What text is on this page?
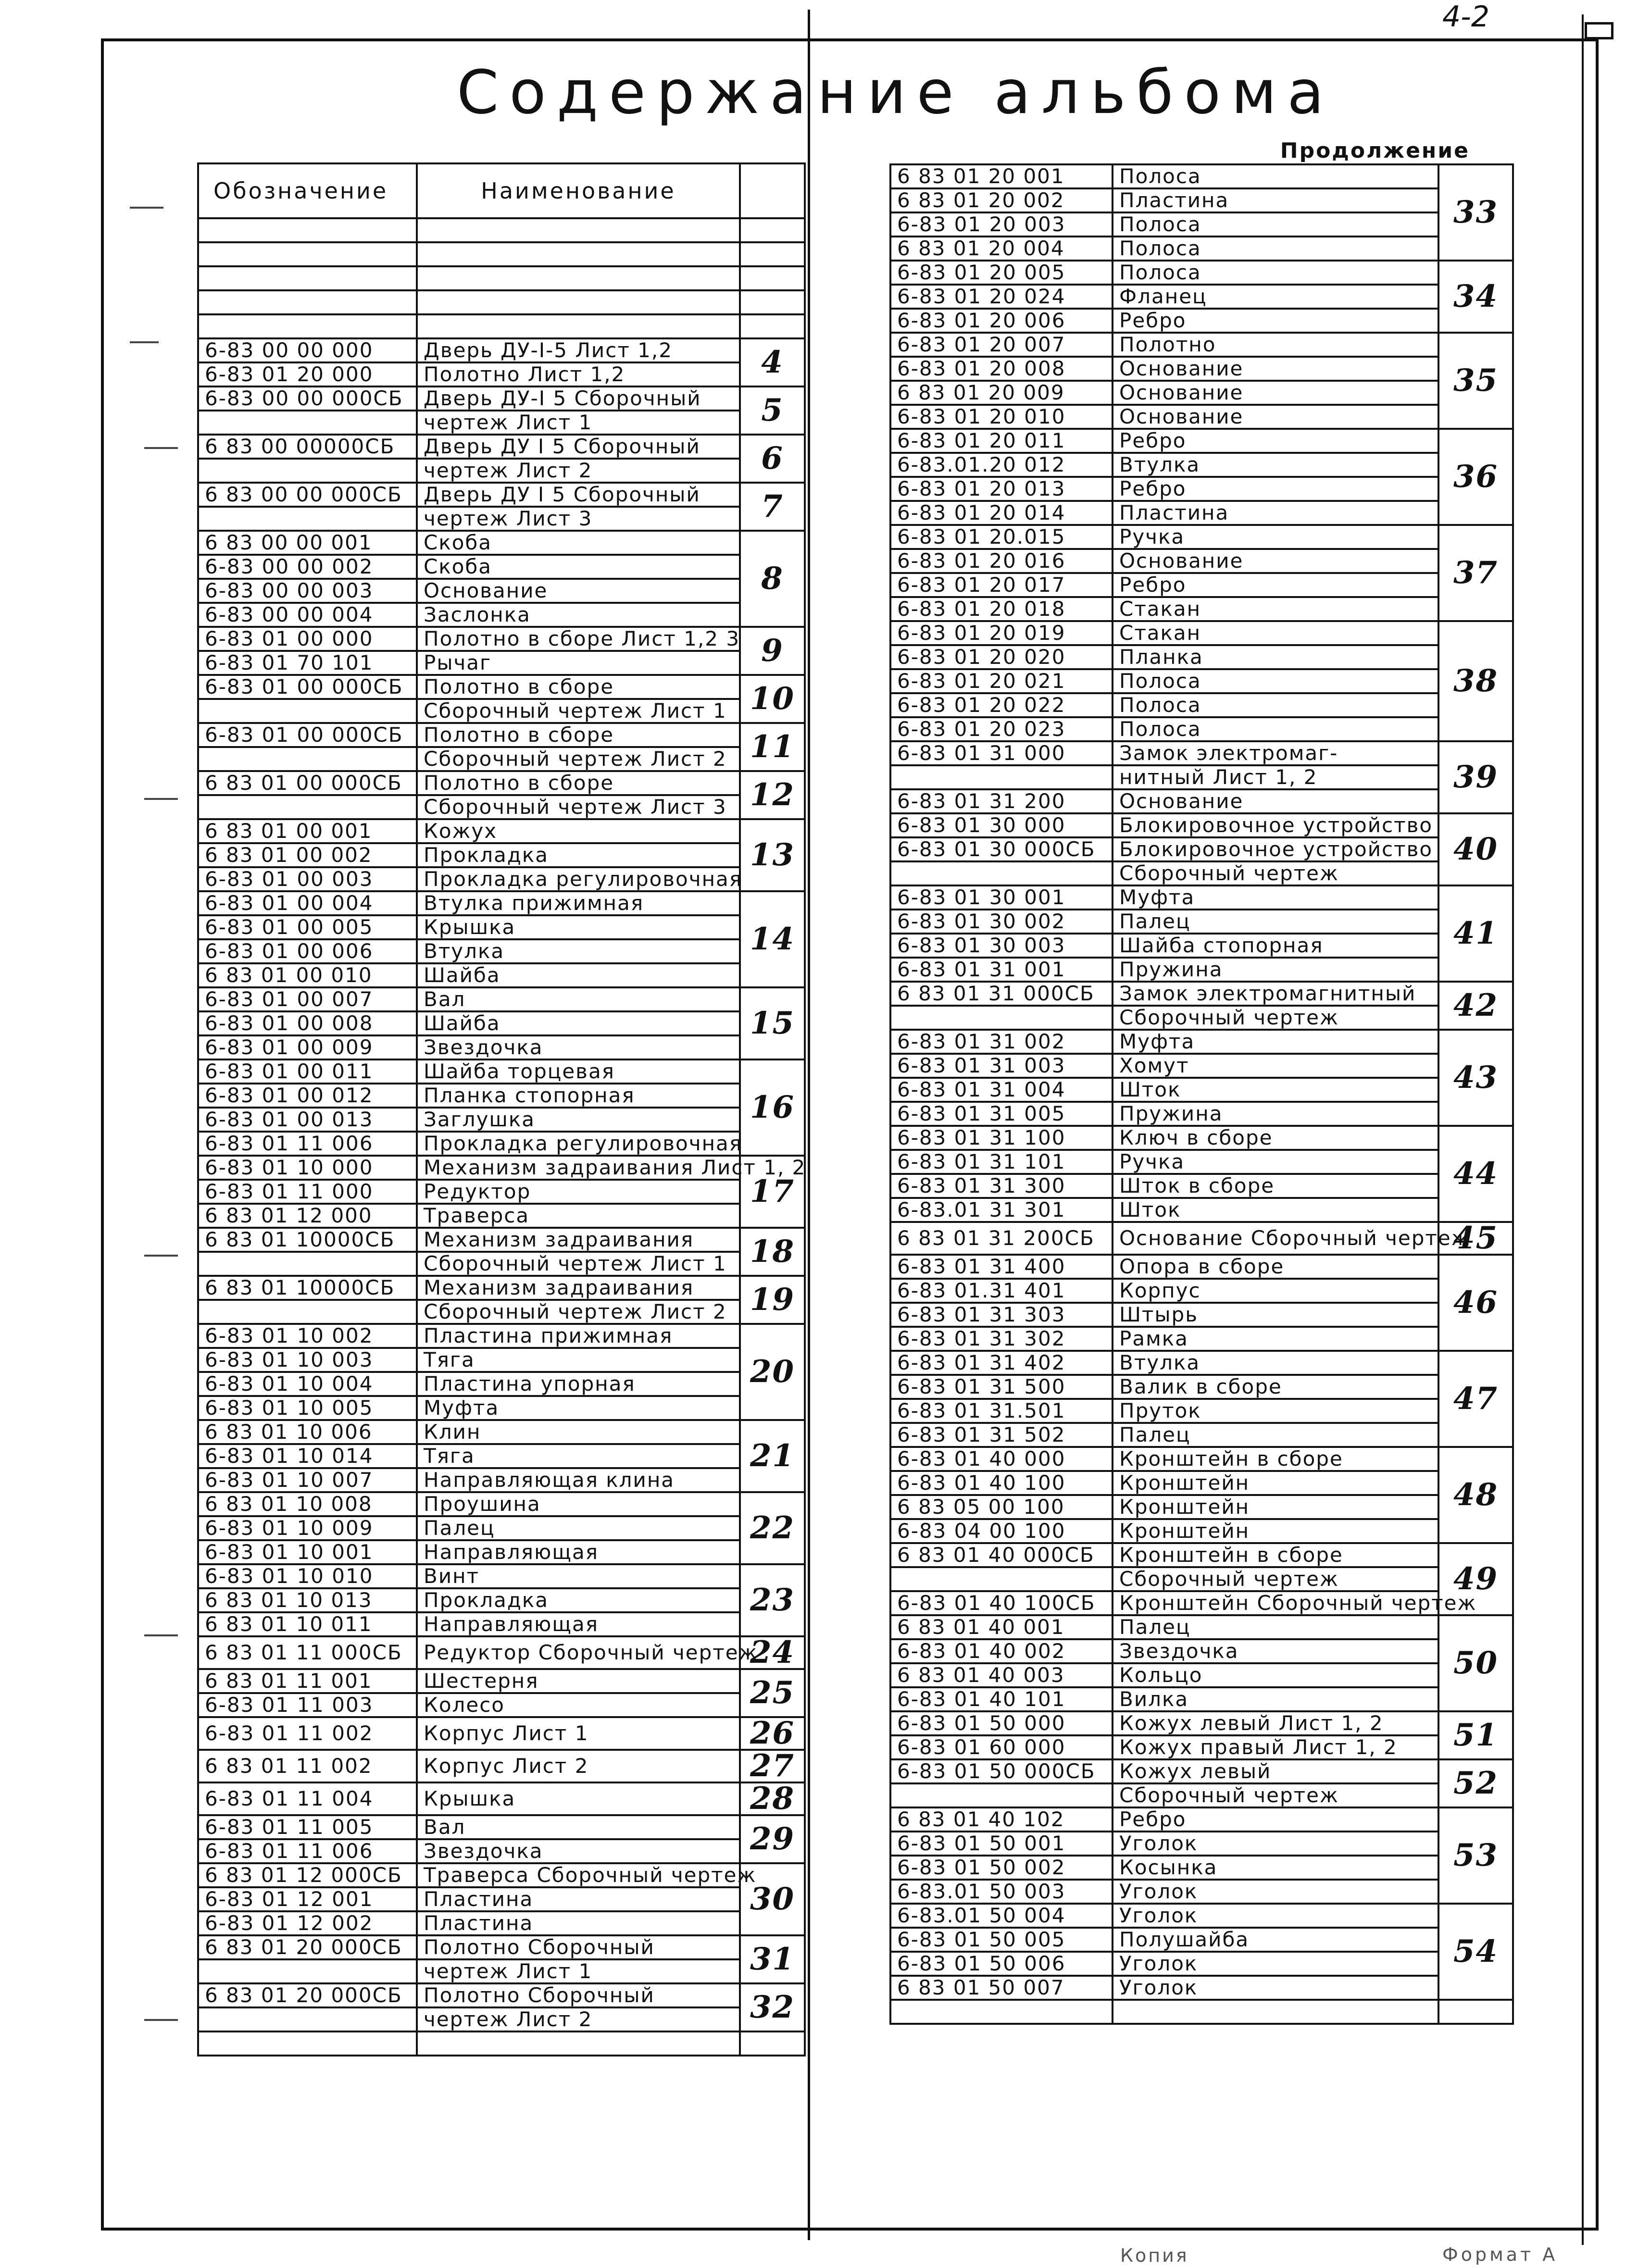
4-2
Содержание альбома
Продолжение
Обозначение	Наименование	

6-83 00 00 000	Дверь ДУ-I-5 Лист 1,2	4
6-83 01 20 000	Полотно Лист 1,2	
6-83 00 00 000СБ	Дверь ДУ-I 5 Сборочный	5
	чертеж Лист 1	
6 83 00 00000СБ	Дверь ДУ I 5 Сборочный	6
	чертеж Лист 2	
6 83 00 00 000СБ	Дверь ДУ I 5 Сборочный	7
	чертеж Лист 3	
6 83 00 00 001	Скоба	8
6-83 00 00 002	Скоба	
6-83 00 00 003	Основание	
6-83 00 00 004	Заслонка	
6-83 01 00 000	Полотно в сборе Лист 1,2 3	9
6-83 01 70 101	Рычаг	
6-83 01 00 000СБ	Полотно в сборе	10
	Сборочный чертеж Лист 1	
6-83 01 00 000СБ	Полотно в сборе	11
	Сборочный чертеж Лист 2	
6 83 01 00 000СБ	Полотно в сборе	12
	Сборочный чертеж Лист 3	
6 83 01 00 001	Кожух	13
6 83 01 00 002	Прокладка	
6-83 01 00 003	Прокладка регулировочная	
6-83 01 00 004	Втулка прижимная	14
6-83 01 00 005	Крышка	
6-83 01 00 006	Втулка	
6 83 01 00 010	Шайба	
6-83 01 00 007	Вал	15
6-83 01 00 008	Шайба	
6-83 01 00 009	Звездочка	
6-83 01 00 011	Шайба торцевая	16
6-83 01 00 012	Планка стопорная	
6-83 01 00 013	Заглушка	
6-83 01 11 006	Прокладка регулировочная	
6-83 01 10 000	Механизм задраивания Лист 1, 2	17
6-83 01 11 000	Редуктор	
6 83 01 12 000	Траверса	
6 83 01 10000СБ	Механизм задраивания	18
	Сборочный чертеж Лист 1	
6 83 01 10000СБ	Механизм задраивания	19
	Сборочный чертеж Лист 2	
6-83 01 10 002	Пластина прижимная	20
6-83 01 10 003	Тяга	
6-83 01 10 004	Пластина упорная	
6-83 01 10 005	Муфта	
6 83 01 10 006	Клин	21
6-83 01 10 014	Тяга	
6-83 01 10 007	Направляющая клина	
6 83 01 10 008	Проушина	22
6-83 01 10 009	Палец	
6-83 01 10 001	Направляющая	
6-83 01 10 010	Винт	23
6 83 01 10 013	Прокладка	
6 83 01 10 011	Направляющая	
6 83 01 11 000СБ	Редуктор Сборочный чертеж	24
6 83 01 11 001	Шестерня	25
6-83 01 11 003	Колесо	
6-83 01 11 002	Корпус Лист 1	26
6 83 01 11 002	Корпус Лист 2	27
6-83 01 11 004	Крышка	28
6-83 01 11 005	Вал	29
6-83 01 11 006	Звездочка	
6 83 01 12 000СБ	Траверса Сборочный чертеж	30
6-83 01 12 001	Пластина	
6-83 01 12 002	Пластина	
6 83 01 20 000СБ	Полотно Сборочный	31
	чертеж Лист 1	
6 83 01 20 000СБ	Полотно Сборочный	32
	чертеж Лист 2	

6 83 01 20 001	Полоса	33
6 83 01 20 002	Пластина	
6-83 01 20 003	Полоса	
6 83 01 20 004	Полоса	
6-83 01 20 005	Полоса	34
6-83 01 20 024	Фланец	
6-83 01 20 006	Ребро	
6-83 01 20 007	Полотно	35
6-83 01 20 008	Основание	
6 83 01 20 009	Основание	
6-83 01 20 010	Основание	
6-83 01 20 011	Ребро	36
6-83.01.20 012	Втулка	
6-83 01 20 013	Ребро	
6-83 01 20 014	Пластина	
6-83 01 20.015	Ручка	37
6-83 01 20 016	Основание	
6-83 01 20 017	Ребро	
6-83 01 20 018	Стакан	
6-83 01 20 019	Стакан	38
6-83 01 20 020	Планка	
6-83 01 20 021	Полоса	
6-83 01 20 022	Полоса	
6-83 01 20 023	Полоса	
6-83 01 31 000	Замок электромаг-	39
	нитный Лист 1, 2	
6-83 01 31 200	Основание	
6-83 01 30 000	Блокировочное устройство	40
6-83 01 30 000СБ	Блокировочное устройство	
	Сборочный чертеж	
6-83 01 30 001	Муфта	41
6-83 01 30 002	Палец	
6-83 01 30 003	Шайба стопорная	
6-83 01 31 001	Пружина	
6 83 01 31 000СБ	Замок электромагнитный	42
	Сборочный чертеж	
6-83 01 31 002	Муфта	43
6-83 01 31 003	Хомут	
6-83 01 31 004	Шток	
6-83 01 31 005	Пружина	
6-83 01 31 100	Ключ в сборе	44
6-83 01 31 101	Ручка	
6-83 01 31 300	Шток в сборе	
6-83.01 31 301	Шток	
6 83 01 31 200СБ	Основание Сборочный чертеж	45
6-83 01 31 400	Опора в сборе	46
6-83 01.31 401	Корпус	
6-83 01 31 303	Штырь	
6-83 01 31 302	Рамка	
6-83 01 31 402	Втулка	47
6-83 01 31 500	Валик в сборе	
6-83 01 31.501	Пруток	
6-83 01 31 502	Палец	
6-83 01 40 000	Кронштейн в сборе	48
6-83 01 40 100	Кронштейн	
6 83 05 00 100	Кронштейн	
6-83 04 00 100	Кронштейн	
6 83 01 40 000СБ	Кронштейн в сборе	49
	Сборочный чертеж	
6-83 01 40 100СБ	Кронштейн Сборочный чертеж	
6 83 01 40 001	Палец	50
6-83 01 40 002	Звездочка	
6 83 01 40 003	Кольцо	
6-83 01 40 101	Вилка	
6-83 01 50 000	Кожух левый Лист 1, 2	51
6-83 01 60 000	Кожух правый Лист 1, 2	
6-83 01 50 000СБ	Кожух левый	52
	Сборочный чертеж	
6 83 01 40 102	Ребро	53
6-83 01 50 001	Уголок	
6-83 01 50 002	Косынка	
6-83.01 50 003	Уголок	
6-83.01 50 004	Уголок	54
6-83 01 50 005	Полушайба	
6-83 01 50 006	Уголок	
6 83 01 50 007	Уголок	

Копия	Формат А
